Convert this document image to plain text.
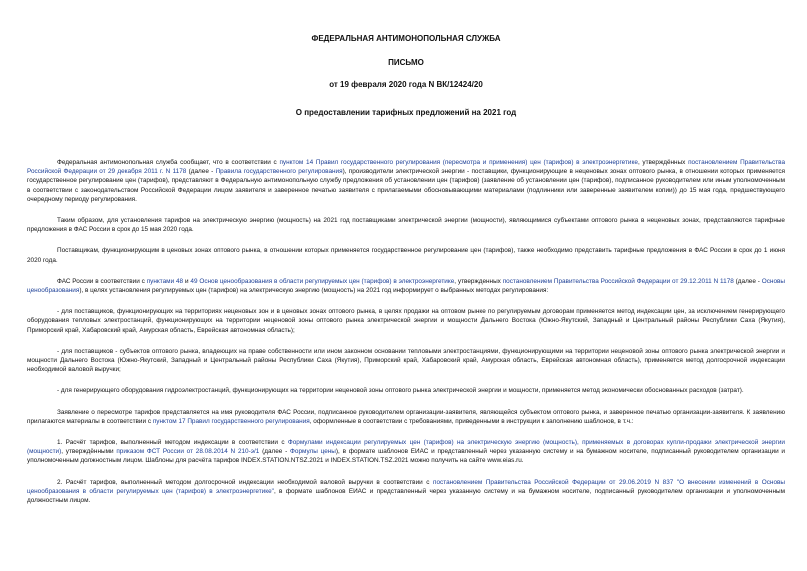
ФЕДЕРАЛЬНАЯ АНТИМОНОПОЛЬНАЯ СЛУЖБА
ПИСЬМО
от 19 февраля 2020 года N ВК/12424/20
О предоставлении тарифных предложений на 2021 год

Федеральная антимонопольная служба сообщает, что в соответствии с пунктом 14 Правил государственного регулирования (пересмотра и применения) цен (тарифов) в электроэнергетике, утверждённых постановлением Правительства Российской Федерации от 29 декабря 2011 г. N 1178 (далее - Правила государственного регулирования), производители электрической энергии - поставщики, функционирующие в неценовых зонах оптового рынка, в отношении которых применяется государственное регулирование цен (тарифов), представляют в Федеральную антимонопольную службу предложения об установлении цен (тарифов) (заявление об установлении цен (тарифов), подписанное руководителем или иным уполномоченным в соответствии с законодательством Российской Федерации лицом заявителя и заверенное печатью заявителя с прилагаемыми обосновывающими материалами (подлинники или заверенные заявителем копии)) до 15 мая года, предшествующего очередному периоду регулирования.

Таким образом, для установления тарифов на электрическую энергию (мощность) на 2021 год поставщиками электрической энергии (мощности), являющимися субъектами оптового рынка в неценовых зонах, представляются тарифные предложения в ФАС России в срок до 15 мая 2020 года.

Поставщикам, функционирующим в ценовых зонах оптового рынка, в отношении которых применяется государственное регулирование цен (тарифов), также необходимо представить тарифные предложения в ФАС России в срок до 1 июня 2020 года.

ФАС России в соответствии с пунктами 48 и 49 Основ ценообразования в области регулируемых цен (тарифов) в электроэнергетике, утвержденных постановлением Правительства Российской Федерации от 29.12.2011 N 1178 (далее - Основы ценообразования), в целях установления регулируемых цен (тарифов) на электрическую энергию (мощность) на 2021 год информирует о выбранных методах регулирования:

- для поставщиков, функционирующих на территориях неценовых зон и в ценовых зонах оптового рынка, в целях продажи на оптовом рынке по регулируемым договорам применяется метод индексации цен, за исключением генерирующего оборудования тепловых электростанций, функционирующих на территории неценовой зоны оптового рынка электрической энергии и мощности Дальнего Востока (Южно-Якутский, Западный и Центральный районы Республики Саха (Якутия), Приморский край, Хабаровский край, Амурская область, Еврейская автономная область);

- для поставщиков - субъектов оптового рынка, владеющих на праве собственности или ином законном основании тепловыми электростанциями, функционирующими на территории неценовой зоны оптового рынка электрической энергии и мощности Дальнего Востока (Южно-Якутский, Западный и Центральный районы Республики Саха (Якутия), Приморский край, Хабаровский край, Амурская область, Еврейская автономная область), применяется метод долгосрочной индексации необходимой валовой выручки;

- для генерирующего оборудования гидроэлектростанций, функционирующих на территории неценовой зоны оптового рынка электрической энергии и мощности, применяется метод экономически обоснованных расходов (затрат).

Заявление о пересмотре тарифов представляется на имя руководителя ФАС России, подписанное руководителем организации-заявителя, являющейся субъектом оптового рынка, и заверенное печатью организации-заявителя. К заявлению прилагаются материалы в соответствии с пунктом 17 Правил государственного регулирования, оформленные в соответствии с требованиями, приведенными в инструкции к заполнению шаблонов, в т.ч.:

1. Расчёт тарифов, выполненный методом индексации в соответствии с Формулами индексации регулируемых цен (тарифов) на электрическую энергию (мощность), применяемых в договорах купли-продажи электрической энергии (мощности), утверждёнными приказом ФСТ России от 28.08.2014 N 210-э/1 (далее - Формулы цены), в формате шаблонов ЕИАС и представленный через указанную систему и на бумажном носителе, подписанный руководителем организации и уполномоченным должностным лицом. Шаблоны для расчёта тарифов INDEX.STATION.NTSZ.2021 и INDEX.STATION.TSZ.2021 можно получить на сайте www.eias.ru.

2. Расчёт тарифов, выполненный методом долгосрочной индексации необходимой валовой выручки в соответствии с постановлением Правительства Российской Федерации от 29.06.2019 N 837 "О внесении изменений в Основы ценообразования в области регулируемых цен (тарифов) в электроэнергетике", в формате шаблонов ЕИАС и представленный через указанную систему и на бумажном носителе, подписанный руководителем организации и уполномоченным должностным лицом.
